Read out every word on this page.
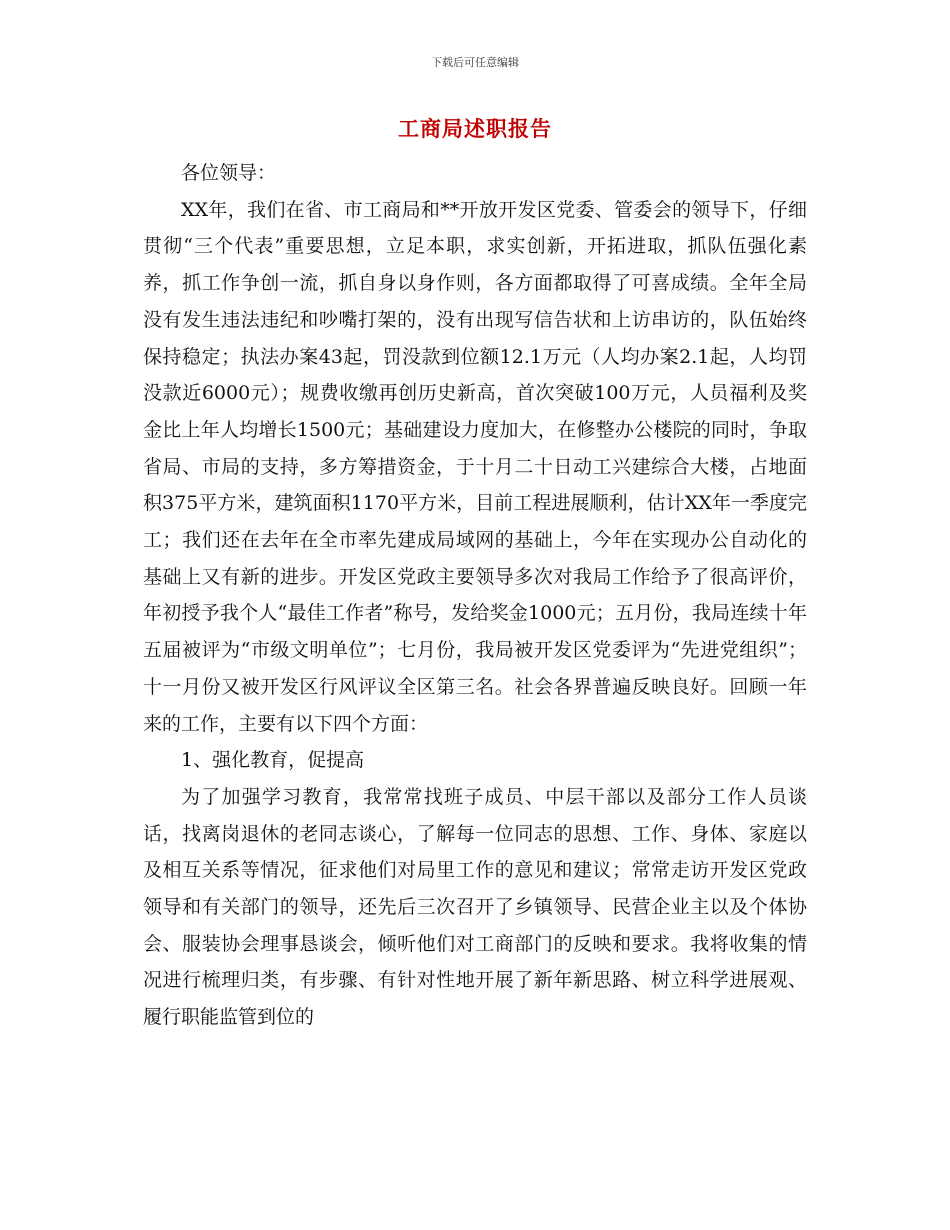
下载后可任意编辑
工商局述职报告

各位领导：

XX年，我们在省、市工商局和**开放开发区党委、管委会的领导下，仔细贯彻“三个代表”重要思想，立足本职，求实创新，开拓进取，抓队伍强化素养，抓工作争创一流，抓自身以身作则，各方面都取得了可喜成绩。全年全局没有发生违法违纪和吵嘴打架的，没有出现写信告状和上访串访的，队伍始终保持稳定；执法办案43起，罚没款到位额12.1万元（人均办案2.1起，人均罚没款近6000元）；规费收缴再创历史新高，首次突破100万元，人员福利及奖金比上年人均增长1500元；基础建设力度加大，在修整办公楼院的同时，争取省局、市局的支持，多方筹措资金，于十月二十日动工兴建综合大楼，占地面积375平方米，建筑面积1170平方米，目前工程进展顺利，估计XX年一季度完工；我们还在去年在全市率先建成局域网的基础上，今年在实现办公自动化的基础上又有新的进步。开发区党政主要领导多次对我局工作给予了很高评价，年初授予我个人“最佳工作者”称号，发给奖金1000元；五月份，我局连续十年五届被评为“市级文明单位”；七月份，我局被开发区党委评为“先进党组织”；十一月份又被开发区行风评议全区第三名。社会各界普遍反映良好。回顾一年来的工作，主要有以下四个方面：

1、强化教育，促提高

为了加强学习教育，我常常找班子成员、中层干部以及部分工作人员谈话，找离岗退休的老同志谈心，了解每一位同志的思想、工作、身体、家庭以及相互关系等情况，征求他们对局里工作的意见和建议；常常走访开发区党政领导和有关部门的领导，还先后三次召开了乡镇领导、民营企业主以及个体协会、服装协会理事恳谈会，倾听他们对工商部门的反映和要求。我将收集的情况进行梳理归类，有步骤、有针对性地开展了新年新思路、树立科学进展观、履行职能监管到位的
